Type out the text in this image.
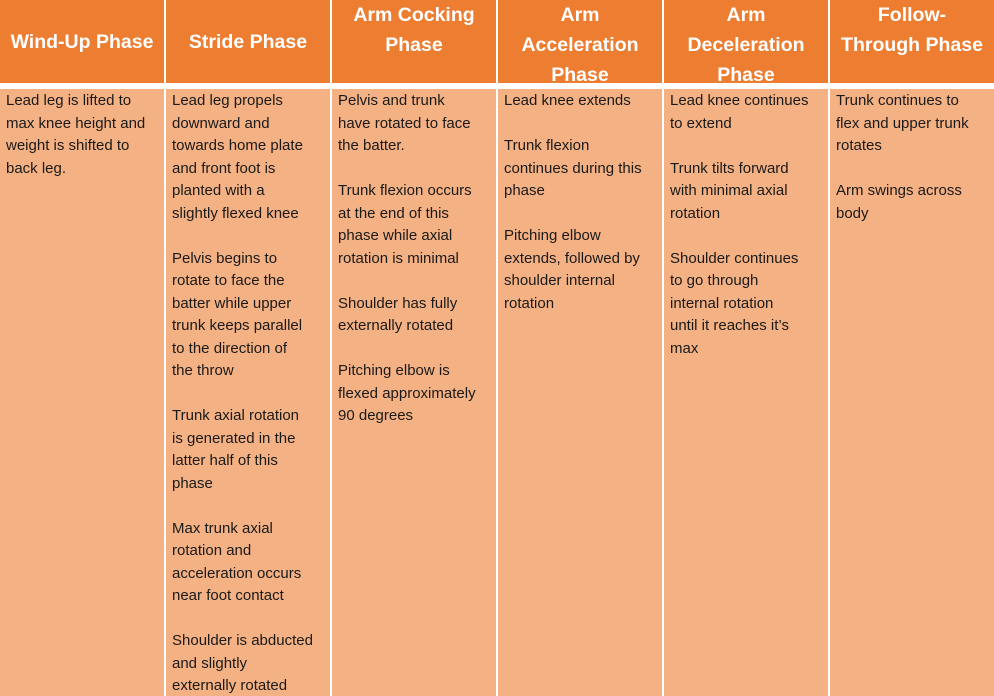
Wind-Up Phase Stride Phase
Arm Cocking
Phase
Arm
Acceleration
Phase
Arm
Deceleration
Phase
Follow-
Through Phase

Lead leg is lifted to
max knee height and
weight is shifted to
back leg.

Lead leg propels
downward and
towards home plate
and front foot is
planted with a
slightly flexed knee

Pelvis begins to
rotate to face the
batter while upper
trunk keeps parallel
to the direction of
the throw

Trunk axial rotation
is generated in the
latter half of this
phase

Max trunk axial
rotation and
acceleration occurs
near foot contact

Shoulder is abducted
and slightly
externally rotated

Pelvis and trunk
have rotated to face
the batter.

Trunk flexion occurs
at the end of this
phase while axial
rotation is minimal

Shoulder has fully
externally rotated

Pitching elbow is
flexed approximately
90 degrees

Lead knee extends

Trunk flexion
continues during this
phase

Pitching elbow
extends, followed by
shoulder internal
rotation

Lead knee continues
to extend

Trunk tilts forward
with minimal axial
rotation

Shoulder continues
to go through
internal rotation
until it reaches it’s
max

Trunk continues to
flex and upper trunk
rotates

Arm swings across
body
